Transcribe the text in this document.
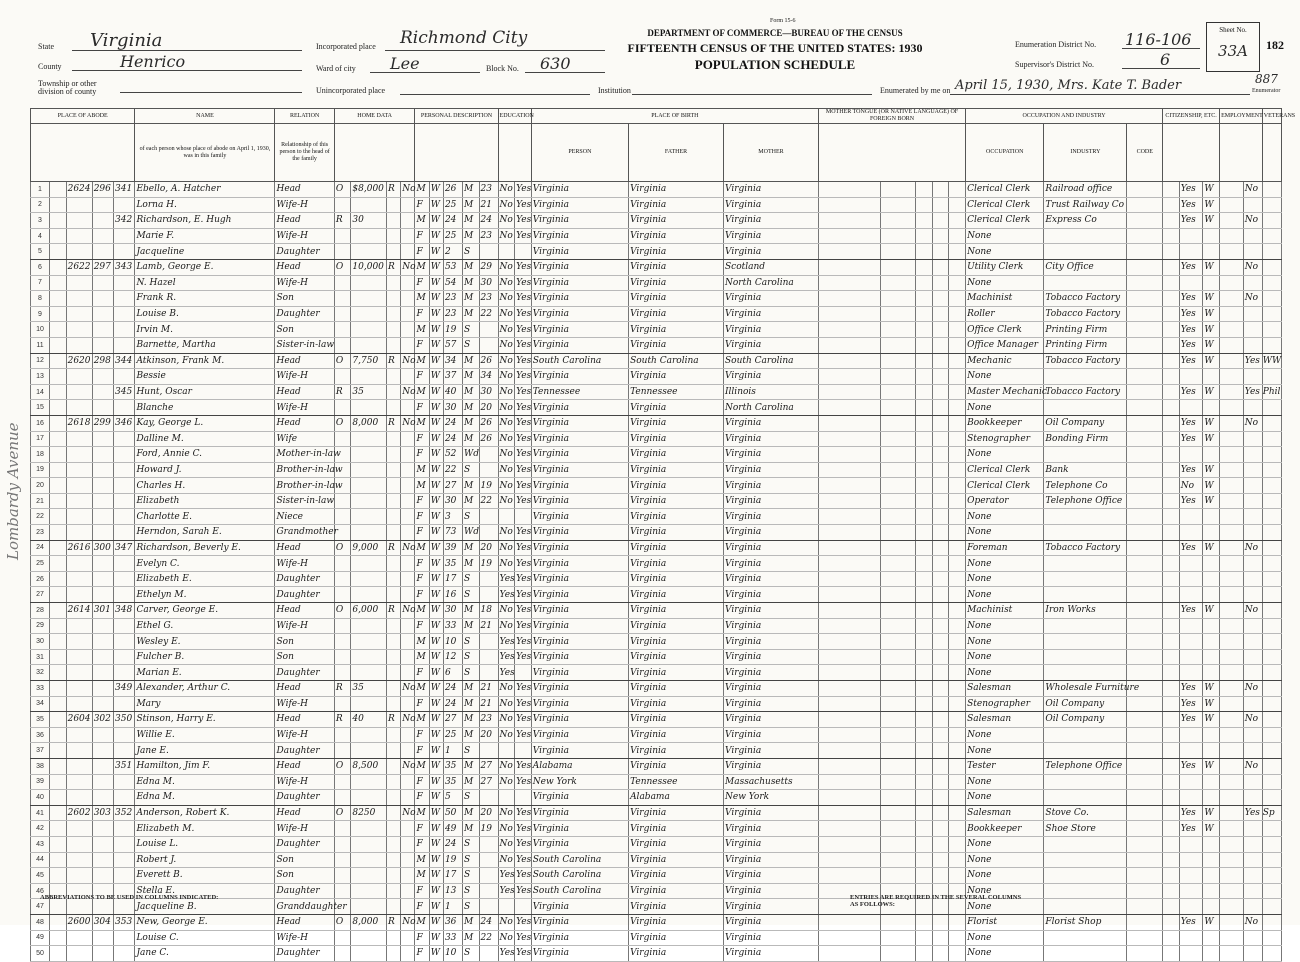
State Virginia
County	Henrico
Township or other division of county
Incorporated place Richmond City
Ward of city Lee	Block No. 630
Unincorporated place
Form 15-6
DEPARTMENT OF COMMERCE—BUREAU OF THE CENSUS
FIFTEENTH CENSUS OF THE UNITED STATES: 1930
POPULATION SCHEDULE
Institution
Enumeration District No. 116-106
Supervisor's District No.	6
Sheet No.
33A	182
Enumerated by me on April 15, 1930, Mrs. Kate T. Bader	Enumerator
887
PLACE OF ABODE					NAME	RELATION	HOME DATA				PERSONAL DESCRIPTION					EDUCATION		PLACE OF BIRTH			MOTHER TONGUE (OR NATIVE LANGUAGE) OF FOREIGN BORN					OCCUPATION AND INDUSTRY			CITIZENSHIP, ETC.			EMPLOYMENT		VETERANS
					of each person whose place of abode on April 1, 1930, was in this family	Relationship of this person to the head of the family												PERSON	FATHER	MOTHER						OCCUPATION	INDUSTRY	CODE						
1		2624	296	341	Ebello, A. Hatcher	Head	O	$8,000	R	No	M	W	26	M	23	No	Yes	Virginia	Virginia	Virginia						Clerical Clerk	Railroad office			Yes	W		No	
2					Lorna H.	Wife-H					F	W	25	M	21	No	Yes	Virginia	Virginia	Virginia						Clerical Clerk	Trust Railway Co			Yes	W			
3				342	Richardson, E. Hugh	Head	R	30			M	W	24	M	24	No	Yes	Virginia	Virginia	Virginia						Clerical Clerk	Express Co			Yes	W		No	
4					Marie F.	Wife-H					F	W	25	M	23	No	Yes	Virginia	Virginia	Virginia						None								
5					Jacqueline	Daughter					F	W	2	S				Virginia	Virginia	Virginia						None								
6		2622	297	343	Lamb, George E.	Head	O	10,000	R	No	M	W	53	M	29	No	Yes	Virginia	Virginia	Scotland						Utility Clerk	City Office			Yes	W		No	
7					N. Hazel	Wife-H					F	W	54	M	30	No	Yes	Virginia	Virginia	North Carolina						None								
8					Frank R.	Son					M	W	23	M	23	No	Yes	Virginia	Virginia	Virginia						Machinist	Tobacco Factory			Yes	W		No	
9					Louise B.	Daughter					F	W	23	M	22	No	Yes	Virginia	Virginia	Virginia						Roller	Tobacco Factory			Yes	W			
10					Irvin M.	Son					M	W	19	S		No	Yes	Virginia	Virginia	Virginia						Office Clerk	Printing Firm			Yes	W			
11					Barnette, Martha	Sister-in-law					F	W	57	S		No	Yes	Virginia	Virginia	Virginia						Office Manager	Printing Firm			Yes	W			
12		2620	298	344	Atkinson, Frank M.	Head	O	7,750	R	No	M	W	34	M	26	No	Yes	South Carolina	South Carolina	South Carolina						Mechanic	Tobacco Factory			Yes	W		Yes WW	
13					Bessie	Wife-H					F	W	37	M	34	No	Yes	Virginia	Virginia	Virginia						None								
14				345	Hunt, Oscar	Head	R	35		No	M	W	40	M	30	No	Yes	Tennessee	Tennessee	Illinois						Master Mechanic	Tobacco Factory			Yes	W		Yes Phil	
15					Blanche	Wife-H					F	W	30	M	20	No	Yes	Virginia	Virginia	North Carolina						None								
16		2618	299	346	Kay, George L.	Head	O	8,000	R	No	M	W	24	M	26	No	Yes	Virginia	Virginia	Virginia						Bookkeeper	Oil Company			Yes	W		No	
17					Dalline M.	Wife					F	W	24	M	26	No	Yes	Virginia	Virginia	Virginia						Stenographer	Bonding Firm			Yes	W			
18					Ford, Annie C.	Mother-in-law					F	W	52	Wd		No	Yes	Virginia	Virginia	Virginia						None								
19					Howard J.	Brother-in-law					M	W	22	S		No	Yes	Virginia	Virginia	Virginia						Clerical Clerk	Bank			Yes	W			
20					Charles H.	Brother-in-law					M	W	27	M	19	No	Yes	Virginia	Virginia	Virginia						Clerical Clerk	Telephone Co			No	W			
21					Elizabeth	Sister-in-law					F	W	30	M	22	No	Yes	Virginia	Virginia	Virginia						Operator	Telephone Office			Yes	W			
22					Charlotte E.	Niece					F	W	3	S				Virginia	Virginia	Virginia						None								
23					Herndon, Sarah E.	Grandmother					F	W	73	Wd		No	Yes	Virginia	Virginia	Virginia						None								
24		2616	300	347	Richardson, Beverly E.	Head	O	9,000	R	No	M	W	39	M	20	No	Yes	Virginia	Virginia	Virginia						Foreman	Tobacco Factory			Yes	W		No	
25					Evelyn C.	Wife-H					F	W	35	M	19	No	Yes	Virginia	Virginia	Virginia						None								
26					Elizabeth E.	Daughter					F	W	17	S		Yes	Yes	Virginia	Virginia	Virginia						None								
27					Ethelyn M.	Daughter					F	W	16	S		Yes	Yes	Virginia	Virginia	Virginia						None								
28		2614	301	348	Carver, George E.	Head	O	6,000	R	No	M	W	30	M	18	No	Yes	Virginia	Virginia	Virginia						Machinist	Iron Works			Yes	W		No	
29					Ethel G.	Wife-H					F	W	33	M	21	No	Yes	Virginia	Virginia	Virginia						None								
30					Wesley E.	Son					M	W	10	S		Yes	Yes	Virginia	Virginia	Virginia						None								
31					Fulcher B.	Son					M	W	12	S		Yes	Yes	Virginia	Virginia	Virginia						None								
32					Marian E.	Daughter					F	W	6	S		Yes		Virginia	Virginia	Virginia						None								
33				349	Alexander, Arthur C.	Head	R	35		No	M	W	24	M	21	No	Yes	Virginia	Virginia	Virginia						Salesman	Wholesale Furniture			Yes	W		No	
34					Mary	Wife-H					F	W	24	M	21	No	Yes	Virginia	Virginia	Virginia						Stenographer	Oil Company			Yes	W			
35		2604	302	350	Stinson, Harry E.	Head	R	40	R	No	M	W	27	M	23	No	Yes	Virginia	Virginia	Virginia						Salesman	Oil Company			Yes	W		No	
36					Willie E.	Wife-H					F	W	25	M	20	No	Yes	Virginia	Virginia	Virginia						None								
37					Jane E.	Daughter					F	W	1	S				Virginia	Virginia	Virginia						None								
38				351	Hamilton, Jim F.	Head	O	8,500		No	M	W	35	M	27	No	Yes	Alabama	Virginia	Virginia						Tester	Telephone Office			Yes	W		No	
39					Edna M.	Wife-H					F	W	35	M	27	No	Yes	New York	Tennessee	Massachusetts						None								
40					Edna M.	Daughter					F	W	5	S				Virginia	Alabama	New York						None								
41		2602	303	352	Anderson, Robert K.	Head	O	8250		No	M	W	50	M	20	No	Yes	Virginia	Virginia	Virginia						Salesman	Stove Co.			Yes	W		Yes Sp	
42					Elizabeth M.	Wife-H					F	W	49	M	19	No	Yes	Virginia	Virginia	Virginia						Bookkeeper	Shoe Store			Yes	W			
43					Louise L.	Daughter					F	W	24	S		No	Yes	Virginia	Virginia	Virginia						None								
44					Robert J.	Son					M	W	19	S		No	Yes	South Carolina	Virginia	Virginia						None								
45					Everett B.	Son					M	W	17	S		Yes	Yes	South Carolina	Virginia	Virginia						None								
46					Stella E.	Daughter					F	W	13	S		Yes	Yes	South Carolina	Virginia	Virginia						None								
47					Jacqueline B.	Granddaughter					F	W	1	S				Virginia	Virginia	Virginia						None								
48		2600	304	353	New, George E.	Head	O	8,000	R	No	M	W	36	M	24	No	Yes	Virginia	Virginia	Virginia						Florist	Florist Shop			Yes	W		No	
49					Louise C.	Wife-H					F	W	33	M	22	No	Yes	Virginia	Virginia	Virginia						None								
50					Jane C.	Daughter					F	W	10	S		Yes	Yes	Virginia	Virginia	Virginia						None								
Lombardy Avenue
ABBREVIATIONS TO BE USED IN COLUMNS INDICATED:	ENTRIES ARE REQUIRED IN THE SEVERAL COLUMNS AS FOLLOWS:
